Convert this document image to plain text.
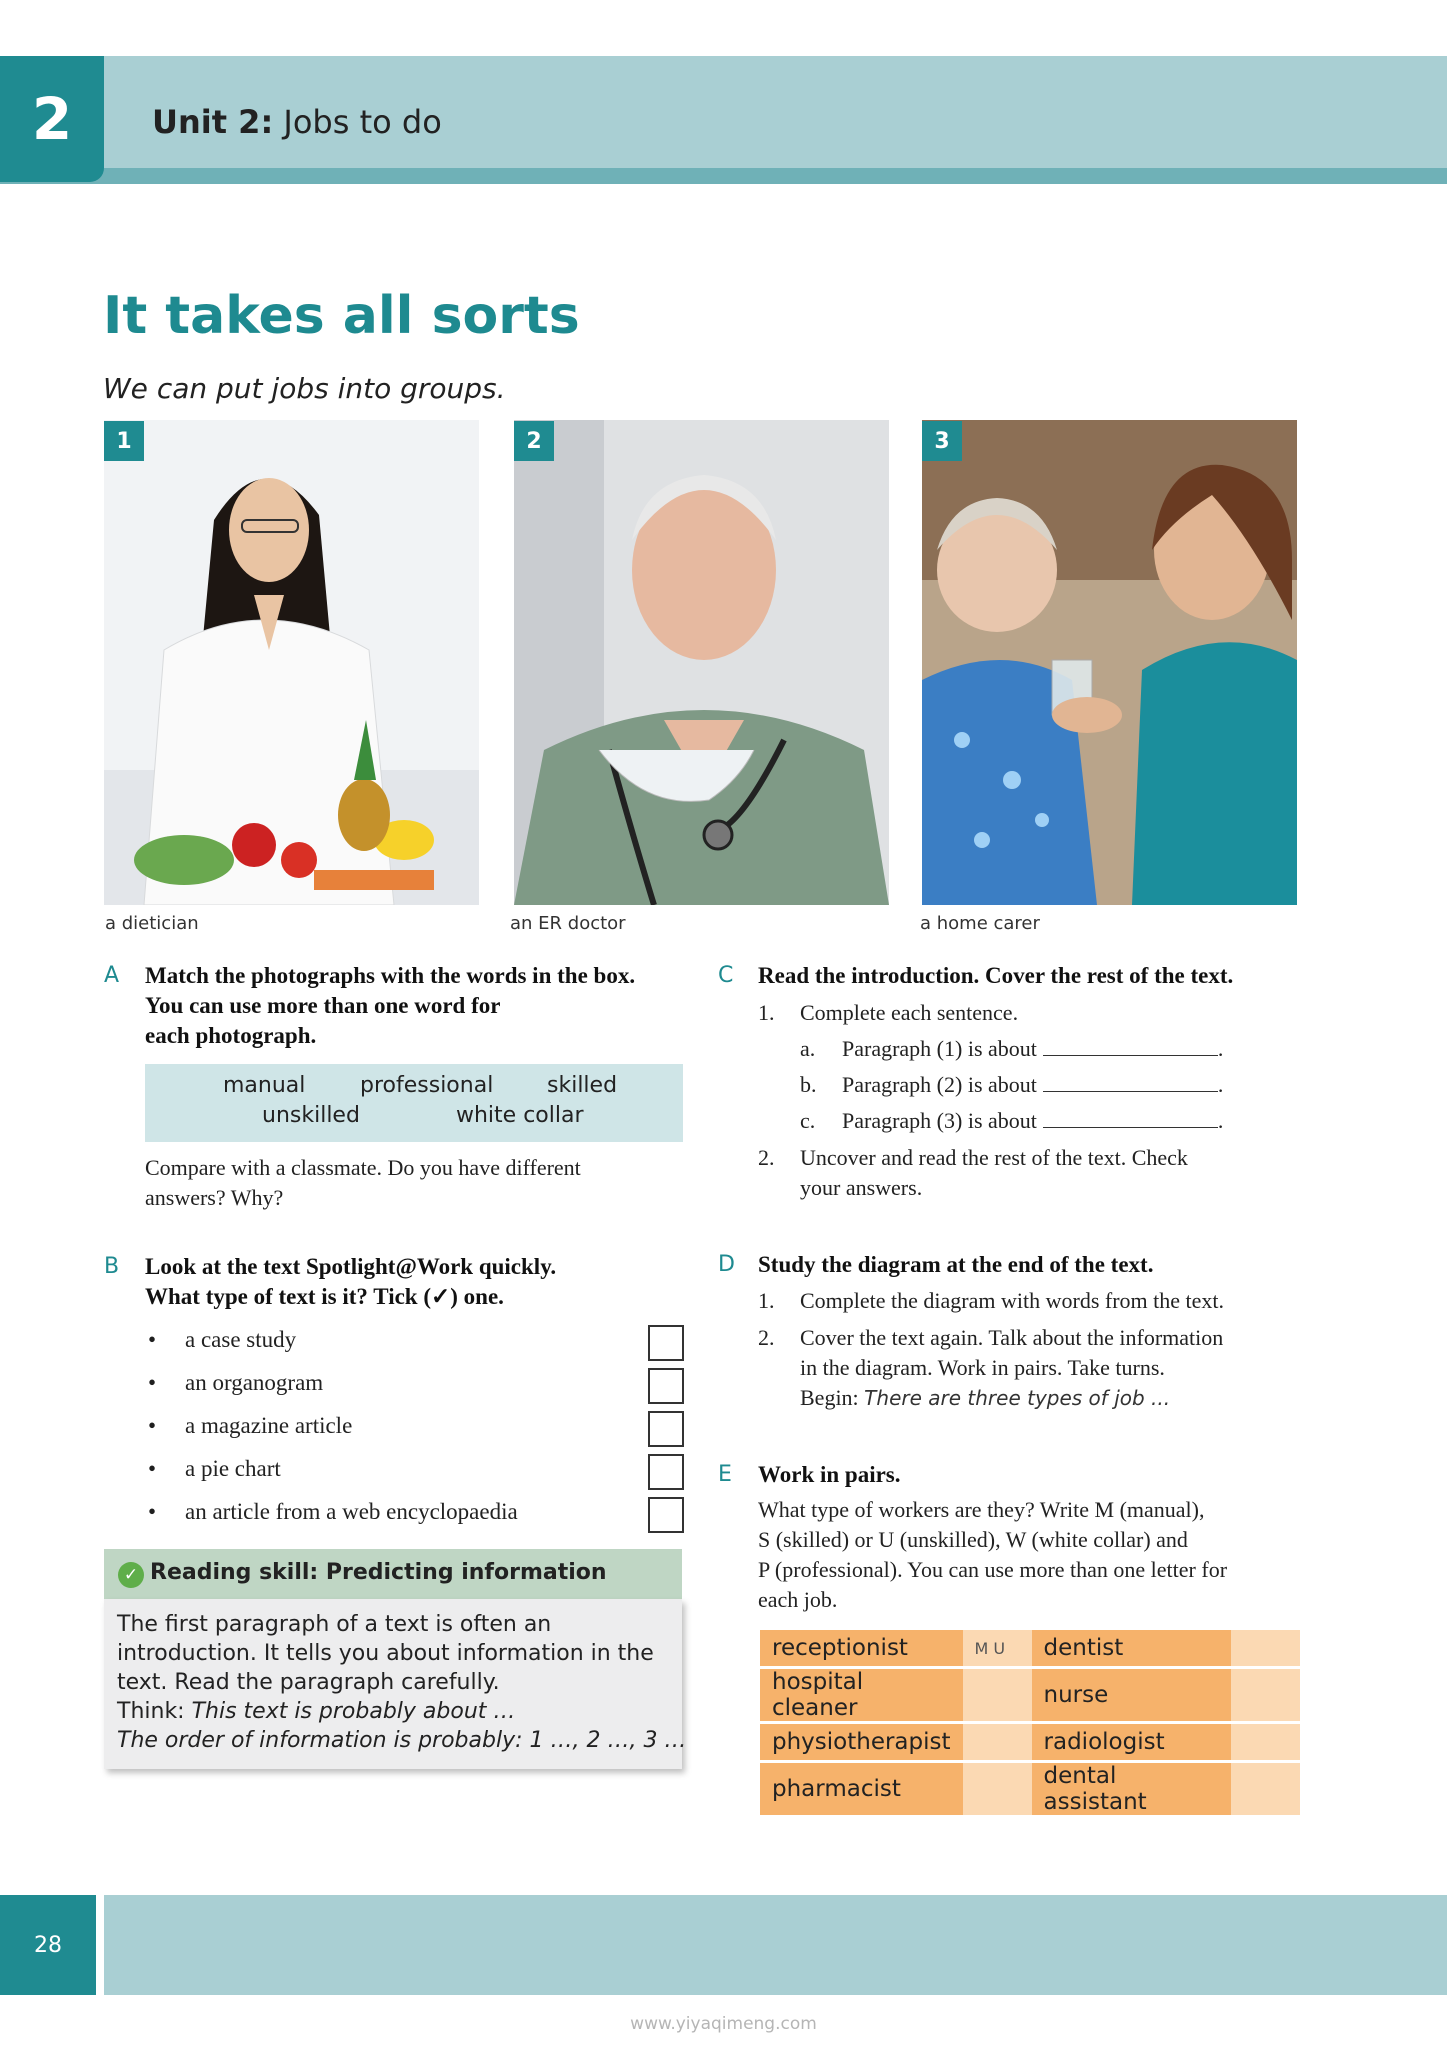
2	Unit 2: Jobs to do
It takes all sorts
We can put jobs into groups.
1
a dietician
2
an ER doctor
3
a home carer
A Match the photographs with the words in the box.
You can use more than one word for
each photograph.
manual professional skilled
unskilled	white collar
Compare with a classmate. Do you have different
answers? Why?
B Look at the text Spotlight@Work quickly.
What type of text is it? Tick (✓) one.
• a case study
• an organogram
• a magazine article
• a pie chart
• an article from a web encyclopaedia
✓ Reading skill: Predicting information
The first paragraph of a text is often an
introduction. It tells you about information in the
text. Read the paragraph carefully.
Think: This text is probably about …
The order of information is probably: 1 …, 2 …, 3 …
C Read the introduction. Cover the rest of the text.
1. Complete each sentence.
a. Paragraph (1) is about	.
b. Paragraph (2) is about	.
c. Paragraph (3) is about	.
2. Uncover and read the rest of the text. Check
your answers.
D Study the diagram at the end of the text.
1. Complete the diagram with words from the text.
2. Cover the text again. Talk about the information
in the diagram. Work in pairs. Take turns.
Begin: There are three types of job ...
E Work in pairs.
What type of workers are they? Write M (manual),
S (skilled) or U (unskilled), W (white collar) and
P (professional). You can use more than one letter for
each job.
receptionist	M U	dentist	
hospital cleaner		nurse	
physiotherapist		radiologist	
pharmacist		dental assistant	
28
www.yiyaqimeng.com
